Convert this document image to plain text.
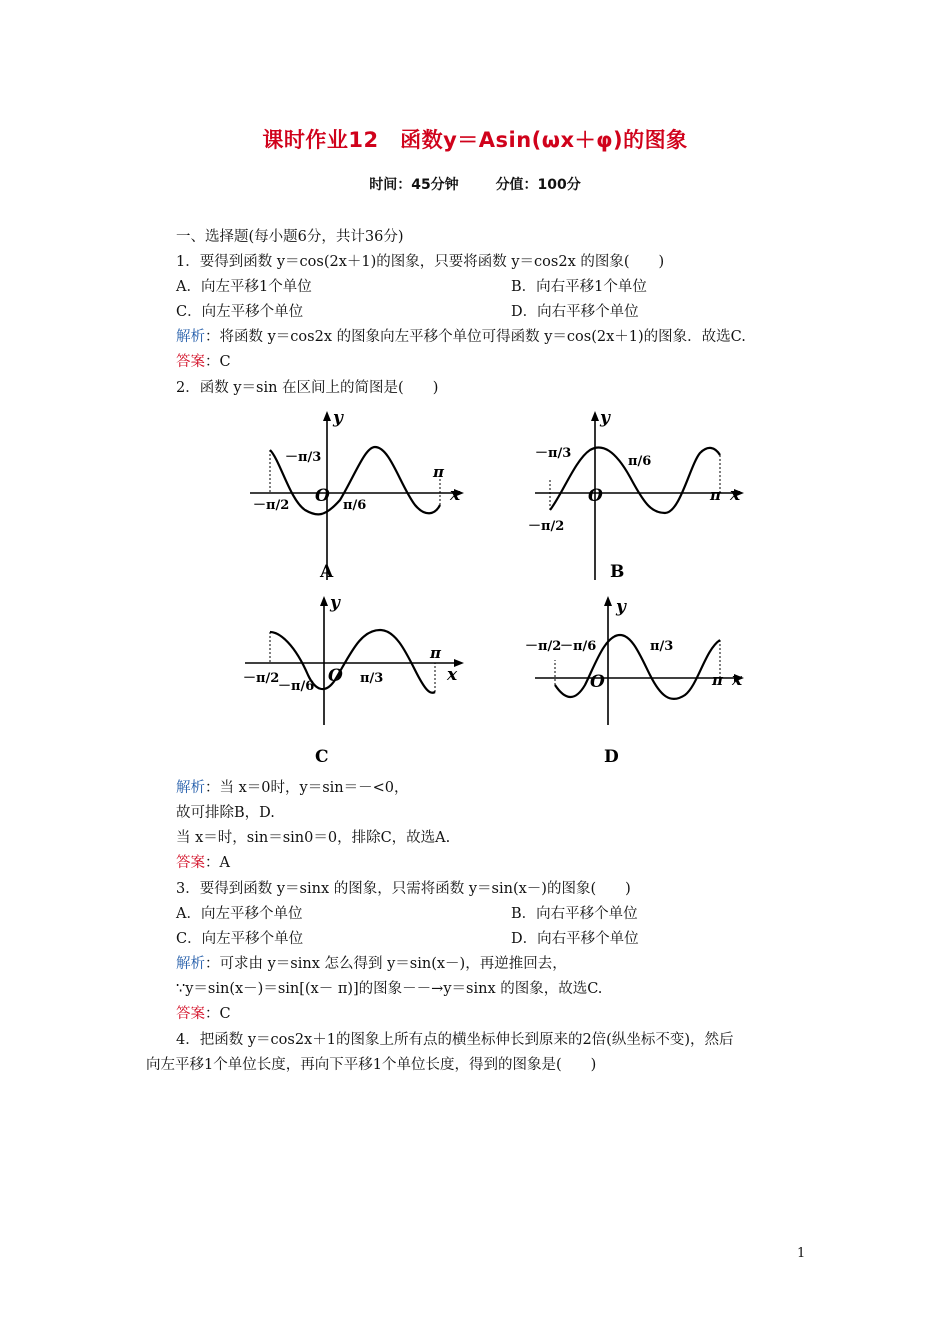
课时作业12　函数y＝Asin(ωx＋φ)的图象
时间：45分钟	分值：100分
一、选择题(每小题6分，共计36分)
1．要得到函数 y＝cos(2x＋1)的图象，只要将函数 y＝cos2x 的图象(　　)
A．向左平移1个单位	B．向右平移1个单位
C．向左平移个单位	D．向右平移个单位
解析：将函数 y＝cos2x 的图象向左平移个单位可得函数 y＝cos(2x＋1)的图象．故选C.
答案：C
2．函数 y＝sin 在区间上的简图是(　　)
O
y
x
π
－π/3
π/6
－π/2
A
O
y
x
π
－π/3
π/6
－π/2
B
O
y
x
π
－π/2
－π/6
π/3
C
O
y
x
π
－π/2
－π/6	π/3
D
解析：当 x＝0时，y＝sin＝－<0，
故可排除B，D.
当 x＝时，sin＝sin0＝0，排除C，故选A.
答案：A
3．要得到函数 y＝sinx 的图象，只需将函数 y＝sin(x－)的图象(　　)
A．向左平移个单位	B．向右平移个单位
C．向左平移个单位	D．向右平移个单位
解析：可求由 y＝sinx 怎么得到 y＝sin(x－)，再逆推回去，
∵y＝sin(x－)＝sin[(x－ π)]的图象－－→y＝sinx 的图象，故选C.
答案：C
4．把函数 y＝cos2x＋1的图象上所有点的横坐标伸长到原来的2倍(纵坐标不变)，然后
向左平移1个单位长度，再向下平移1个单位长度，得到的图象是(　　)
1
